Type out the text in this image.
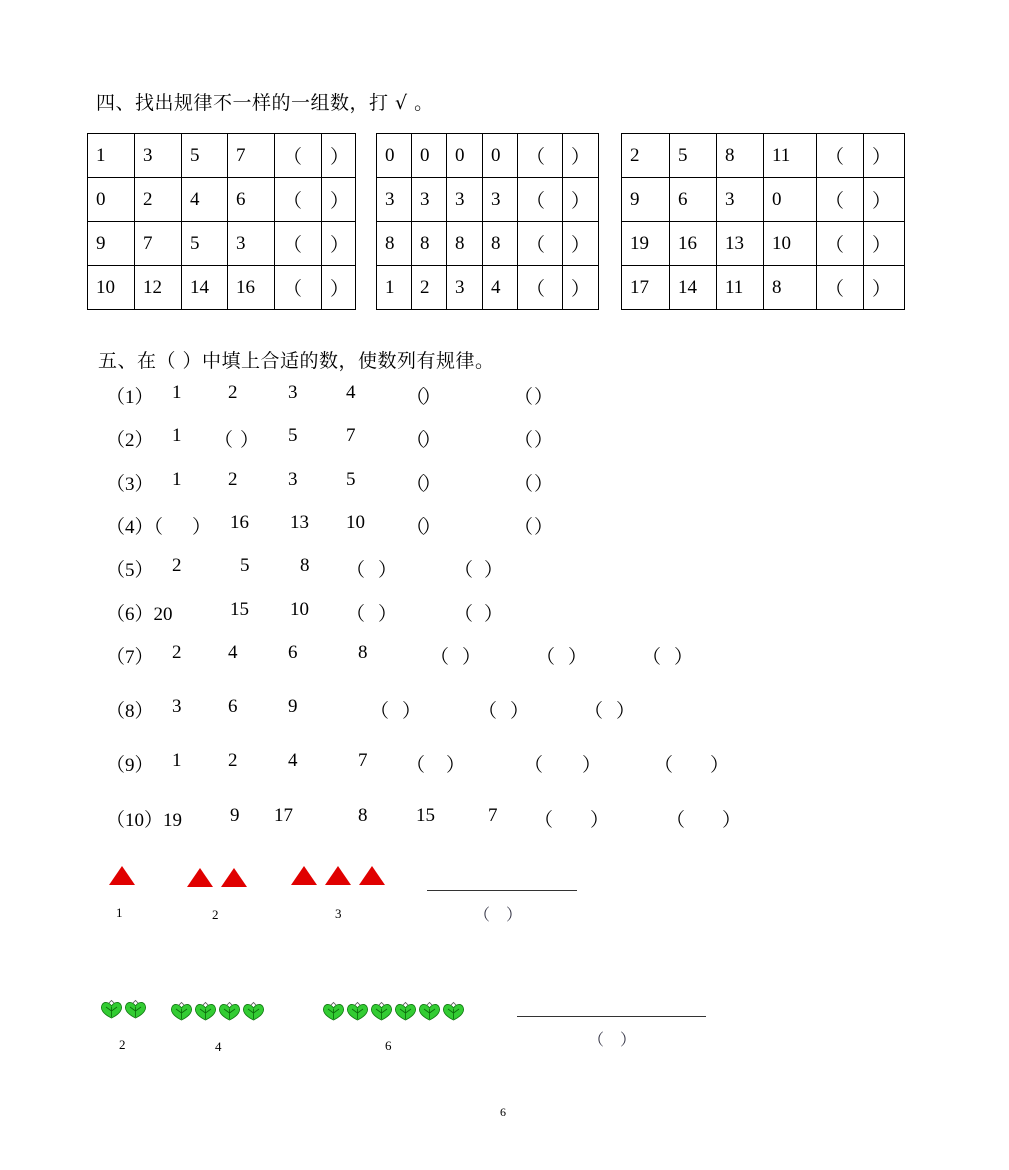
四、找出规律不一样的一组数，打 √ 。
1	3	5	7	（	）
0	2	4	6	（	）
9	7	5	3	（	）
10	12	14	16	（	）
0	0	0	0	（	）
3	3	3	3	（	）
8	8	8	8	（	）
1	2	3	4	（	）
2	5	8	11	（	）
9	6	3	0	（	）
19	16	13	10	（	）
17	14	11	8	（	）
五、在（ ）中填上合适的数，使数列有规律。
（1） 1 2	3	4	（
）	（ ）
（2） 1 （ ） 5	7	（
）	（ ）
（3） 1 2	3	5	（
）	（ ）
（4）（ ） 16 13 10 （
）	（ ）
（5） 2	5	8 （ ）	（ ）
（6）20	15 10 （ ）	（ ）
（7） 2 4	6	8	（ ）	（ ）	（ ）
（8） 3 6	9	（ ）	（ ）	（ ）
（9） 1 2	4	7 （ ）	（ ）	（ ）
（10）19	9 17	8	15	7 （ ）	（ ）
1	2	3	（    ）
2	4	6	（    ）
6
